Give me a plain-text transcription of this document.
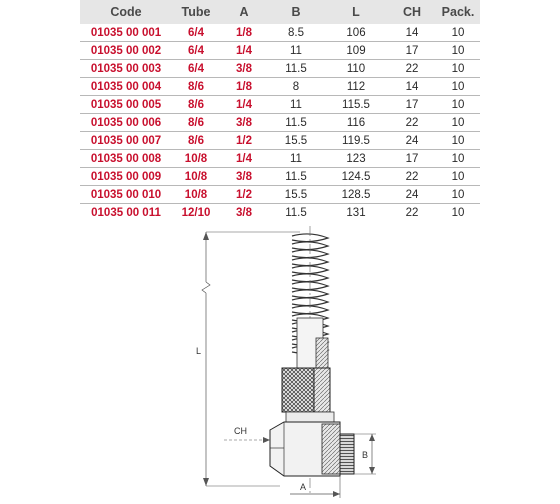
Code	Tube	A	B	L	CH	Pack.
01035 00 001	6/4	1/8	8.5	106	14	10
01035 00 002	6/4	1/4	11	109	17	10
01035 00 003	6/4	3/8	11.5	110	22	10
01035 00 004	8/6	1/8	8	112	14	10
01035 00 005	8/6	1/4	11	115.5	17	10
01035 00 006	8/6	3/8	11.5	116	22	10
01035 00 007	8/6	1/2	15.5	119.5	24	10
01035 00 008	10/8	1/4	11	123	17	10
01035 00 009	10/8	3/8	11.5	124.5	22	10
01035 00 010	10/8	1/2	15.5	128.5	24	10
01035 00 011	12/10	3/8	11.5	131	22	10
L
CH
B
A
